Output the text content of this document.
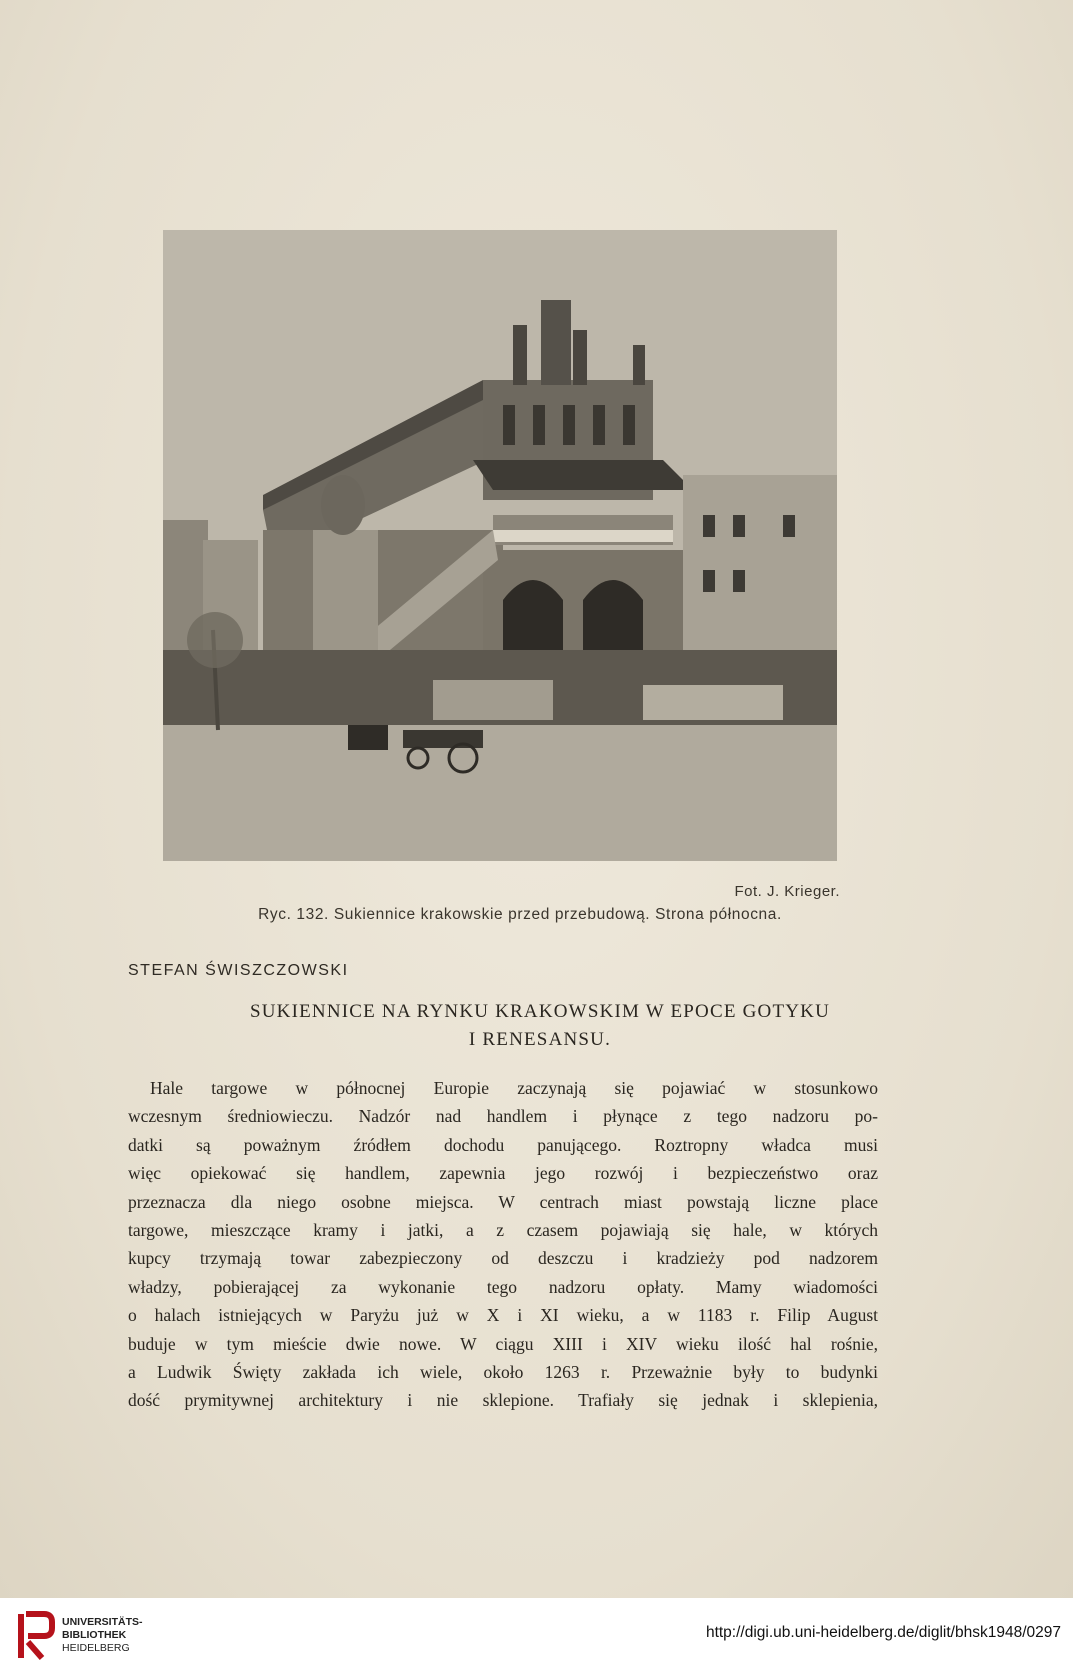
Fot. J. Krieger.
Ryc. 132. Sukiennice krakowskie przed przebudową. Strona północna.
STEFAN ŚWISZCZOWSKI
SUKIENNICE NA RYNKU KRAKOWSKIM W EPOCE GOTYKU
I RENESANSU.
Hale targowe w północnej Europie zaczynają się pojawiać w stosunkowo
wczesnym średniowieczu. Nadzór nad handlem i płynące z tego nadzoru po-
datki są poważnym źródłem dochodu panującego. Roztropny władca musi
więc opiekować się handlem, zapewnia jego rozwój i bezpieczeństwo oraz
przeznacza dla niego osobne miejsca. W centrach miast powstają liczne place
targowe, mieszczące kramy i jatki, a z czasem pojawiają się hale, w których
kupcy trzymają towar zabezpieczony od deszczu i kradzieży pod nadzorem
władzy, pobierającej za wykonanie tego nadzoru opłaty. Mamy wiadomości
o halach istniejących w Paryżu już w X i XI wieku, a w 1183 r. Filip August
buduje w tym mieście dwie nowe. W ciągu XIII i XIV wieku ilość hal rośnie,
a Ludwik Święty zakłada ich wiele, około 1263 r. Przeważnie były to budynki
dość prymitywnej architektury i nie sklepione. Trafiały się jednak i sklepienia,
UNIVERSITÄTS-
BIBLIOTHEK
HEIDELBERG
http://digi.ub.uni-heidelberg.de/diglit/bhsk1948/0297
